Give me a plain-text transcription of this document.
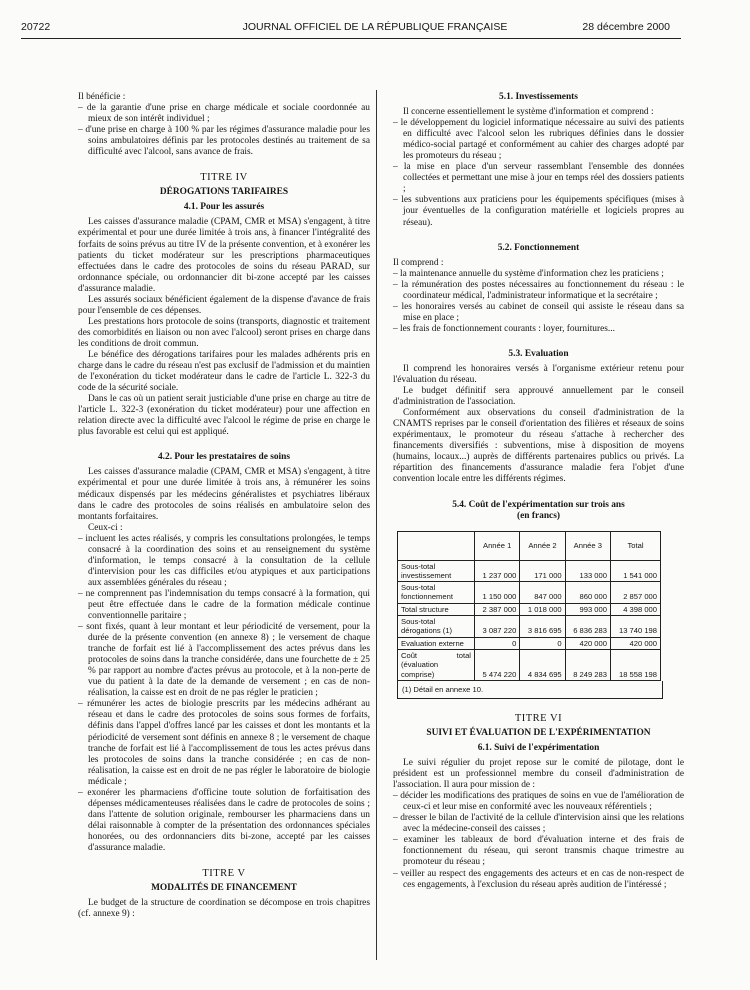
20722	JOURNAL OFFICIEL DE LA RÉPUBLIQUE FRANÇAISE	28 décembre 2000

Il bénéficie :

– de la garantie d'une prise en charge médicale et sociale coordonnée au mieux de son intérêt individuel ;

– d'une prise en charge à 100 % par les régimes d'assurance maladie pour les soins ambulatoires définis par les protocoles destinés au traitement de sa difficulté avec l'alcool, sans avance de frais.

TITRE IV

DÉROGATIONS TARIFAIRES

4.1. Pour les assurés

Les caisses d'assurance maladie (CPAM, CMR et MSA) s'engagent, à titre expérimental et pour une durée limitée à trois ans, à financer l'intégralité des forfaits de soins prévus au titre IV de la présente convention, et à exonérer les patients du ticket modérateur sur les prescriptions pharmaceutiques effectuées dans le cadre des protocoles de soins du réseau PARAD, sur ordonnance spéciale, ou ordonnancier dit bi-zone accepté par les caisses d'assurance maladie.

Les assurés sociaux bénéficient également de la dispense d'avance de frais pour l'ensemble de ces dépenses.

Les prestations hors protocole de soins (transports, diagnostic et traitement des comorbidités en liaison ou non avec l'alcool) seront prises en charge dans les conditions de droit commun.

Le bénéfice des dérogations tarifaires pour les malades adhérents pris en charge dans le cadre du réseau n'est pas exclusif de l'admission et du maintien de l'exonération du ticket modérateur dans le cadre de l'article L. 322-3 du code de la sécurité sociale.

Dans le cas où un patient serait justiciable d'une prise en charge au titre de l'article L. 322-3 (exonération du ticket modérateur) pour une affection en relation directe avec la difficulté avec l'alcool le régime de prise en charge le plus favorable est celui qui est appliqué.

4.2. Pour les prestataires de soins

Les caisses d'assurance maladie (CPAM, CMR et MSA) s'engagent, à titre expérimental et pour une durée limitée à trois ans, à rémunérer les soins médicaux dispensés par les médecins généralistes et psychiatres libéraux dans le cadre des protocoles de soins réalisés en ambulatoire selon des montants forfaitaires.

Ceux-ci :

– incluent les actes réalisés, y compris les consultations prolongées, le temps consacré à la coordination des soins et au renseignement du système d'information, le temps consacré à la consultation de la cellule d'intervision pour les cas difficiles et/ou atypiques et aux participations aux assemblées générales du réseau ;

– ne comprennent pas l'indemnisation du temps consacré à la formation, qui peut être effectuée dans le cadre de la formation médicale continue conventionnelle paritaire ;

– sont fixés, quant à leur montant et leur périodicité de versement, pour la durée de la présente convention (en annexe 8) ; le versement de chaque tranche de forfait est lié à l'accomplissement des actes prévus dans les protocoles de soins dans la tranche considérée, dans une fourchette de ± 25 % par rapport au nombre d'actes prévus au protocole, et à la non-perte de vue du patient à la date de la demande de versement ; en cas de non-réalisation, la caisse est en droit de ne pas régler le praticien ;

– rémunérer les actes de biologie prescrits par les médecins adhérant au réseau et dans le cadre des protocoles de soins sous formes de forfaits, définis dans l'appel d'offres lancé par les caisses et dont les montants et la périodicité de versement sont définis en annexe 8 ; le versement de chaque tranche de forfait est lié à l'accomplissement de tous les actes prévus dans les protocoles de soins dans la tranche considérée ; en cas de non-réalisation, la caisse est en droit de ne pas régler le laboratoire de biologie médicale ;

– exonérer les pharmaciens d'officine toute solution de forfaitisation des dépenses médicamenteuses réalisées dans le cadre de protocoles de soins ; dans l'attente de solution originale, rembourser les pharmaciens dans un délai raisonnable à compter de la présentation des ordonnances spéciales honorées, ou des ordonnanciers dits bi-zone, accepté par les caisses d'assurance maladie.

TITRE V

MODALITÉS DE FINANCEMENT

Le budget de la structure de coordination se décompose en trois chapitres (cf. annexe 9) :

5.1. Investissements

Il concerne essentiellement le système d'information et comprend :

– le développement du logiciel informatique nécessaire au suivi des patients en difficulté avec l'alcool selon les rubriques définies dans le dossier médico-social partagé et conformément au cahier des charges adopté par les promoteurs du réseau ;

– la mise en place d'un serveur rassemblant l'ensemble des données collectées et permettant une mise à jour en temps réel des dossiers patients ;

– les subventions aux praticiens pour les équipements spécifiques (mises à jour éventuelles de la configuration matérielle et logiciels propres au réseau).

5.2. Fonctionnement

Il comprend :

– la maintenance annuelle du système d'information chez les praticiens ;

– la rémunération des postes nécessaires au fonctionnement du réseau : le coordinateur médical, l'administrateur informatique et la secrétaire ;

– les honoraires versés au cabinet de conseil qui assiste le réseau dans sa mise en place ;

– les frais de fonctionnement courants : loyer, fournitures...

5.3. Evaluation

Il comprend les honoraires versés à l'organisme extérieur retenu pour l'évaluation du réseau.

Le budget définitif sera approuvé annuellement par le conseil d'administration de l'association.

Conformément aux observations du conseil d'administration de la CNAMTS reprises par le conseil d'orientation des filières et réseaux de soins expérimentaux, le promoteur du réseau s'attache à rechercher des financements diversifiés : subventions, mise à disposition de moyens (humains, locaux...) auprès de différents partenaires publics ou privés. La répartition des financements d'assurance maladie fera l'objet d'une convention locale entre les différents régimes.

5.4. Coût de l'expérimentation sur trois ans

(en francs)

	Année 1	Année 2	Année 3	Total
Sous-total investissement	1 237 000	171 000	133 000	1 541 000
Sous-total fonctionnement	1 150 000	847 000	860 000	2 857 000
Total structure	2 387 000	1 018 000	993 000	4 398 000
Sous-total dérogations (1)	3 087 220	3 816 695	6 836 283	13 740 198
Evaluation externe	0	0	420 000	420 000
Coût total (évaluation comprise)	5 474 220	4 834 695	8 249 283	18 558 198
(1) Détail en annexe 10.

TITRE VI

SUIVI ET ÉVALUATION DE L'EXPÉRIMENTATION

6.1. Suivi de l'expérimentation

Le suivi régulier du projet repose sur le comité de pilotage, dont le président est un professionnel membre du conseil d'administration de l'association. Il aura pour mission de :

– décider les modifications des pratiques de soins en vue de l'amélioration de ceux-ci et leur mise en conformité avec les nouveaux référentiels ;

– dresser le bilan de l'activité de la cellule d'intervision ainsi que les relations avec la médecine-conseil des caisses ;

– examiner les tableaux de bord d'évaluation interne et des frais de fonctionnement du réseau, qui seront transmis chaque trimestre au promoteur du réseau ;

– veiller au respect des engagements des acteurs et en cas de non-respect de ces engagements, à l'exclusion du réseau après audition de l'intéressé ;
